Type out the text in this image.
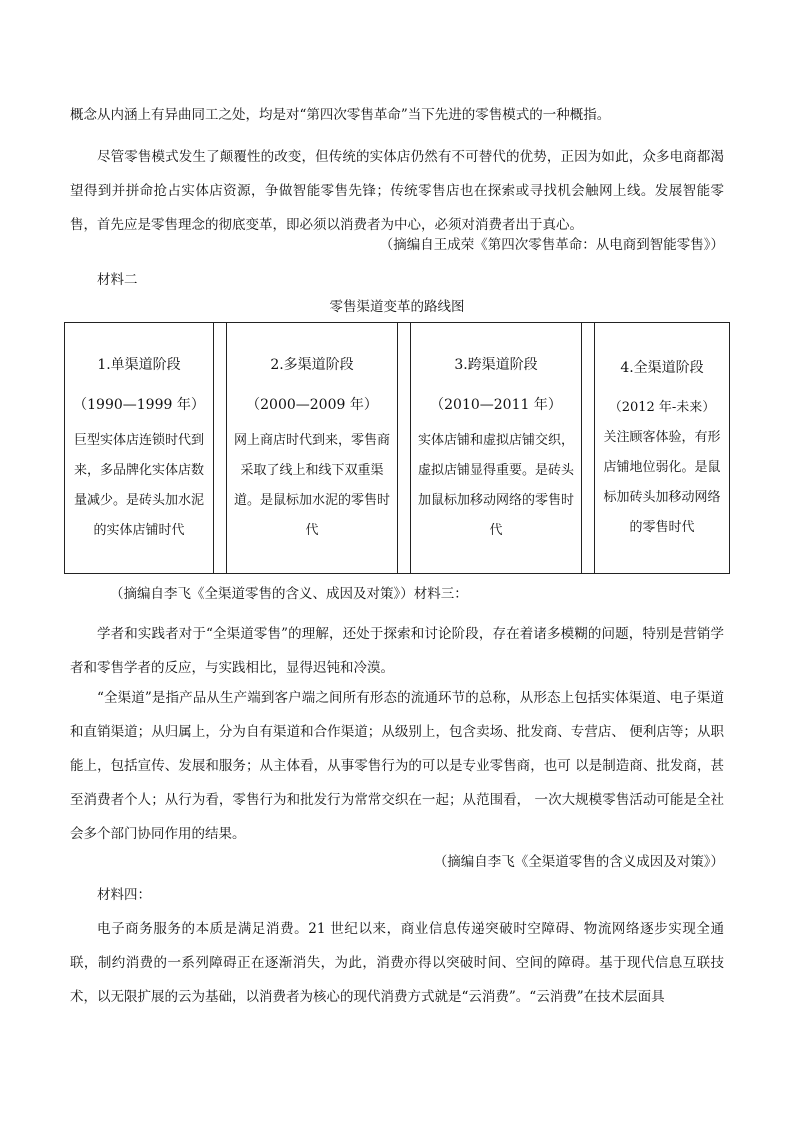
概念从内涵上有异曲同工之处，均是对“第四次零售革命”当下先进的零售模式的一种概指。

尽管零售模式发生了颠覆性的改变，但传统的实体店仍然有不可替代的优势，正因为如此，众多电商都渴望得到并拼命抢占实体店资源，争做智能零售先锋；传统零售店也在探索或寻找机会触网上线。发展智能零售，首先应是零售理念的彻底变革，即必须以消费者为中心，必须对消费者出于真心。

（摘编自王成荣《第四次零售革命：从电商到智能零售》）

材料二

零售渠道变革的路线图

1.单渠道阶段
（1990—1999 年）
巨型实体店连锁时代到来，多品牌化实体店数量减少。是砖头加水泥的实体店铺时代
2.多渠道阶段
（2000—2009 年）
网上商店时代到来，零售商采取了线上和线下双重渠道。是鼠标加水泥的零售时代
3.跨渠道阶段
（2010—2011 年）
实体店铺和虚拟店铺交织，虚拟店铺显得重要。是砖头加鼠标加移动网络的零售时代
4.全渠道阶段
（2012 年-未来） 关注顾客体验，有形店铺地位弱化。是鼠标加砖头加移动网络的零售时代

（摘编自李飞《全渠道零售的含义、成因及对策》）材料三：

学者和实践者对于“全渠道零售”的理解，还处于探索和讨论阶段，存在着诸多模糊的问题，特别是营销学者和零售学者的反应，与实践相比，显得迟钝和冷漠。

“全渠道”是指产品从生产端到客户端之间所有形态的流通环节的总称，从形态上包括实体渠道、电子渠道和直销渠道；从归属上，分为自有渠道和合作渠道；从级别上，包含卖场、批发商、专营店、 便利店等；从职能上，包括宣传、发展和服务；从主体看，从事零售行为的可以是专业零售商，也可 以是制造商、批发商，甚至消费者个人；从行为看，零售行为和批发行为常常交织在一起；从范围看， 一次大规模零售活动可能是全社会多个部门协同作用的结果。

（摘编自李飞《全渠道零售的含义成因及对策》）

材料四：

电子商务服务的本质是满足消费。21 世纪以来，商业信息传递突破时空障碍、物流网络逐步实现全通联，制约消费的一系列障碍正在逐渐消失，为此，消费亦得以突破时间、空间的障碍。基于现代信息互联技术，以无限扩展的云为基础，以消费者为核心的现代消费方式就是“云消费”。“云消费”在技术层面具
